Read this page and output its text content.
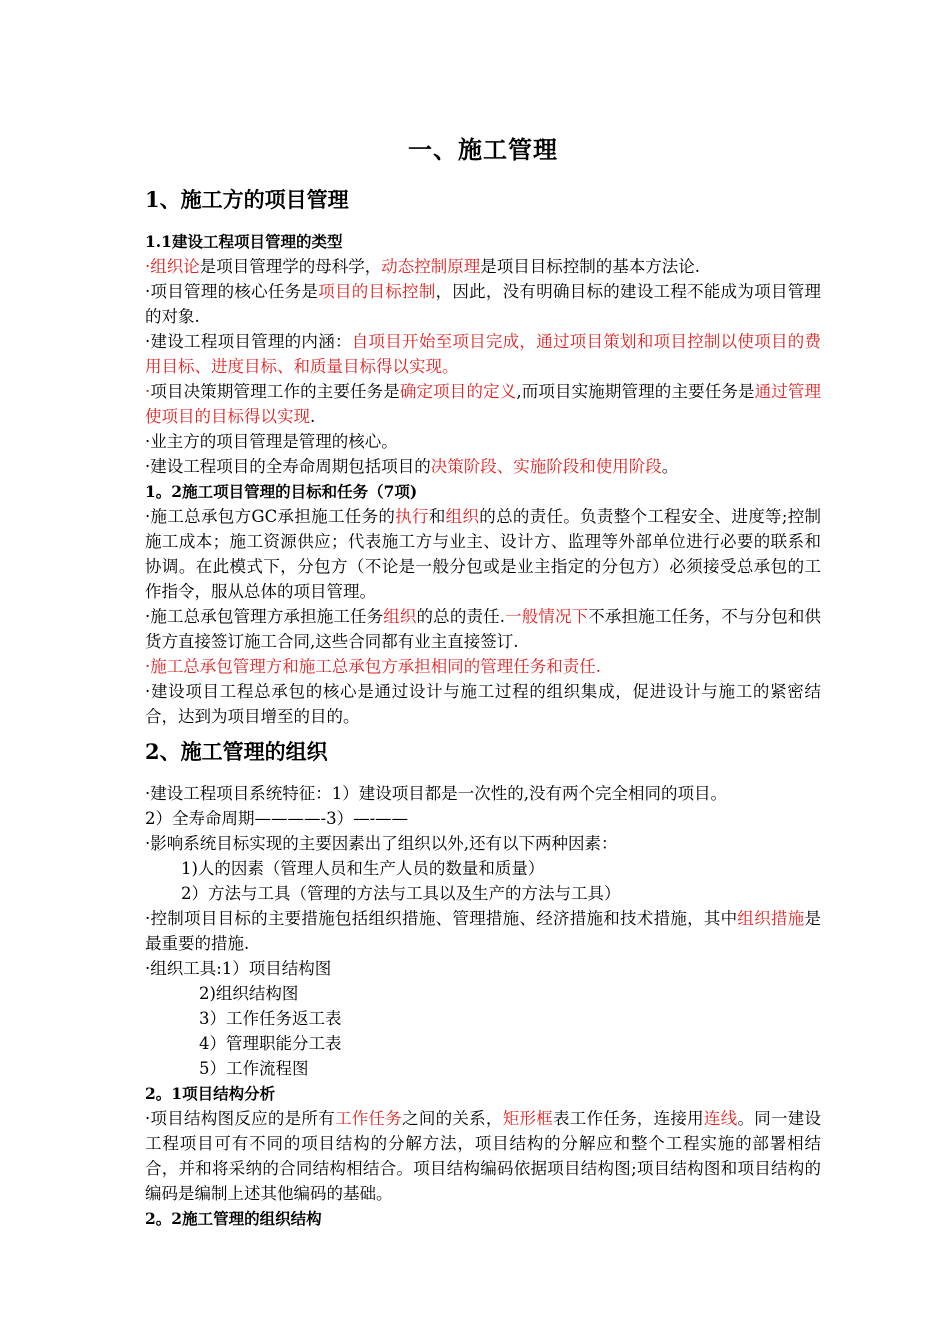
一、施工管理
1、施工方的项目管理
1.1建设工程项目管理的类型

·组织论是项目管理学的母科学，动态控制原理是项目目标控制的基本方法论.

·项目管理的核心任务是项目的目标控制，因此，没有明确目标的建设工程不能成为项目管理的对象.

·建设工程项目管理的内涵：自项目开始至项目完成，通过项目策划和项目控制以使项目的费用目标、进度目标、和质量目标得以实现。

·项目决策期管理工作的主要任务是确定项目的定义,而项目实施期管理的主要任务是通过管理使项目的目标得以实现.

·业主方的项目管理是管理的核心。

·建设工程项目的全寿命周期包括项目的决策阶段、实施阶段和使用阶段。

1。2施工项目管理的目标和任务（7项)

·施工总承包方GC承担施工任务的执行和组织的总的责任。负责整个工程安全、进度等;控制施工成本；施工资源供应；代表施工方与业主、设计方、监理等外部单位进行必要的联系和协调。在此模式下，分包方（不论是一般分包或是业主指定的分包方）必须接受总承包的工作指令，服从总体的项目管理。

·施工总承包管理方承担施工任务组织的总的责任.一般情况下不承担施工任务，不与分包和供货方直接签订施工合同,这些合同都有业主直接签订.

·施工总承包管理方和施工总承包方承担相同的管理任务和责任.

·建设项目工程总承包的核心是通过设计与施工过程的组织集成，促进设计与施工的紧密结合，达到为项目增至的目的。

2、施工管理的组织

·建设工程项目系统特征：1）建设项目都是一次性的,没有两个完全相同的项目。

2）全寿命周期————-3）—-——

·影响系统目标实现的主要因素出了组织以外,还有以下两种因素：

1)人的因素（管理人员和生产人员的数量和质量）

2）方法与工具（管理的方法与工具以及生产的方法与工具）

·控制项目目标的主要措施包括组织措施、管理措施、经济措施和技术措施，其中组织措施是最重要的措施.

·组织工具:1）项目结构图

2)组织结构图

3）工作任务返工表

4）管理职能分工表

5）工作流程图

2。1项目结构分析

·项目结构图反应的是所有工作任务之间的关系，矩形框表工作任务，连接用连线。同一建设工程项目可有不同的项目结构的分解方法，项目结构的分解应和整个工程实施的部署相结合，并和将采纳的合同结构相结合。项目结构编码依据项目结构图;项目结构图和项目结构的编码是编制上述其他编码的基础。

2。2施工管理的组织结构
